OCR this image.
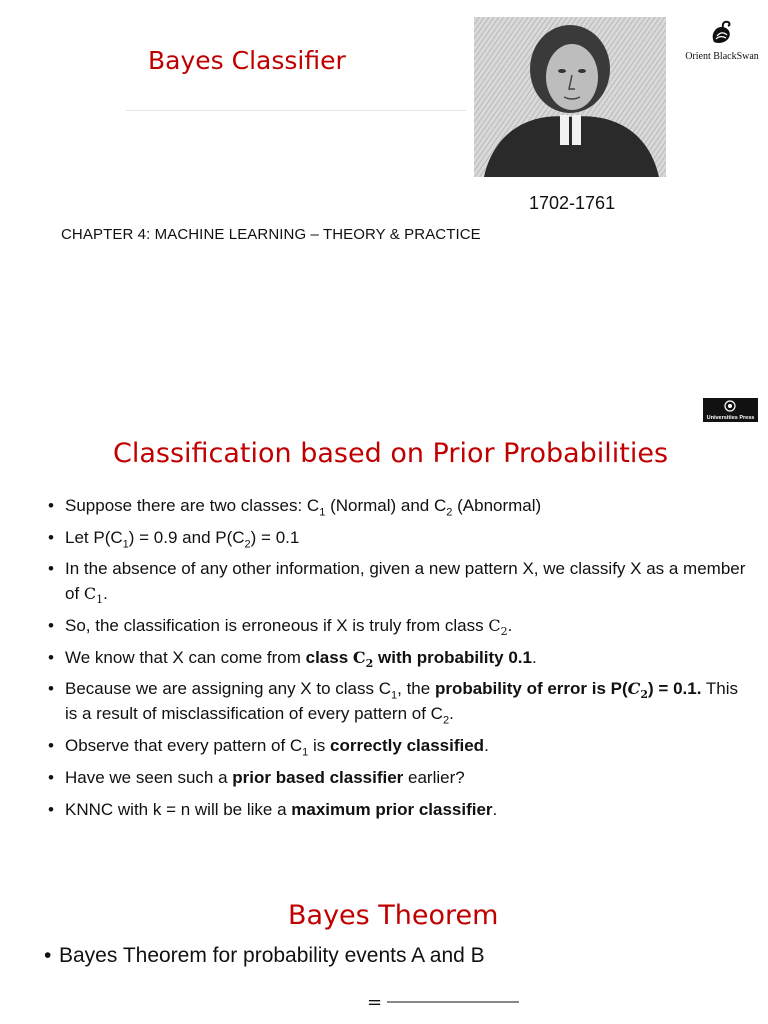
Bayes Classifier	Orient BlackSwan
1702-1761
CHAPTER 4: MACHINE LEARNING – THEORY & PRACTICE
Universities Press
Classification based on Prior Probabilities
• Suppose there are two classes: $C_1$ (Normal) and $C_2$ (Abnormal)
• Let $P(C_1) = 0.9$ and $P(C_2) = 0.1$
• In the absence of any other information, given a new pattern X, we classify X as a member of $C_1$.
• So, the classification is erroneous if X is truly from class $C_2$.
• We know that X can come from class $C_2$ with probability 0.1.
• Because we are assigning any X to class $C_1$, the probability of error is $P(C_2) = 0.1$. This is a result of misclassification of every pattern of $C_2$.
• Observe that every pattern of $C_1$ is correctly classified.
• Have we seen such a prior based classifier earlier?
• KNNC with k = n will be like a maximum prior classifier.
Bayes Theorem
• Bayes Theorem for probability events A and B
=
